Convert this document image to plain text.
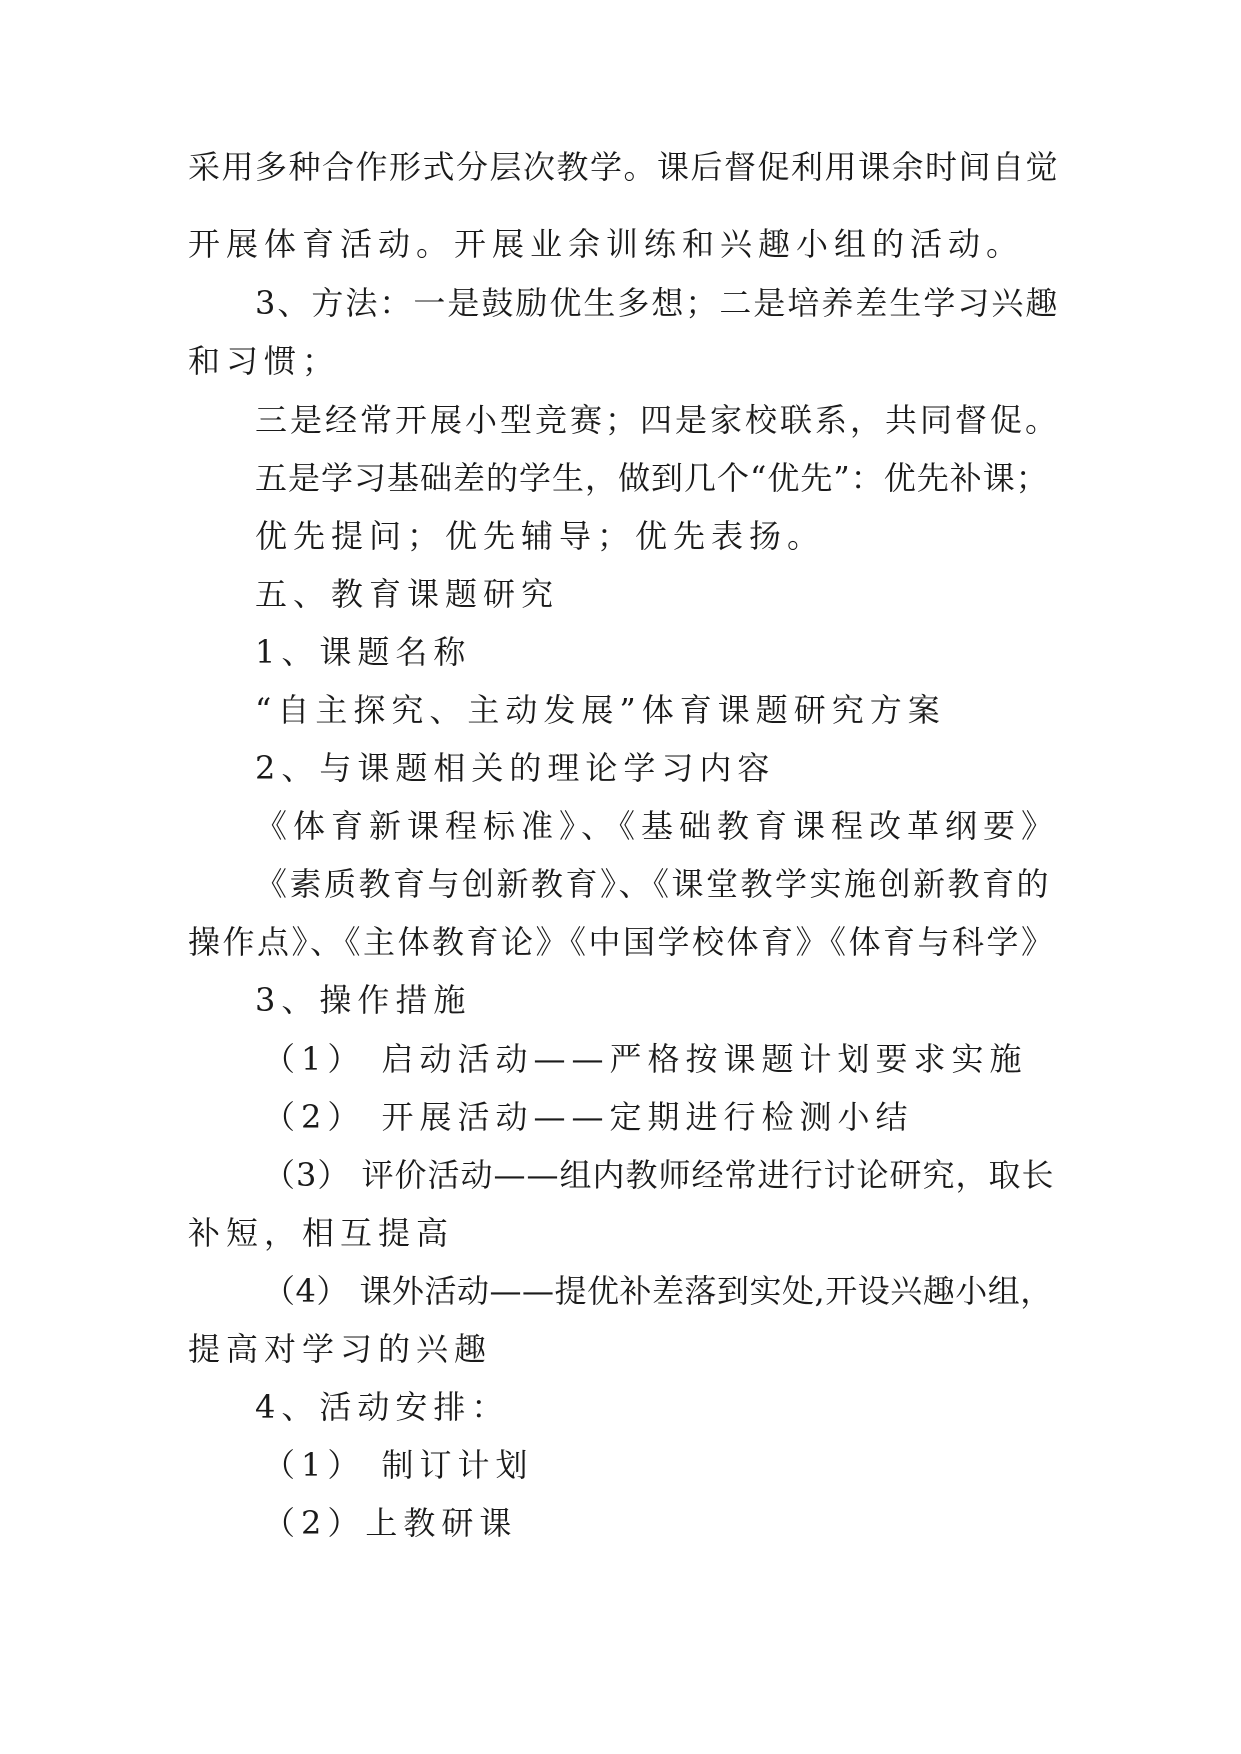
采用多种合作形式分层次教学。课后督促利用课余时间自觉
开展体育活动。开展业余训练和兴趣小组的活动。
3、方法：一是鼓励优生多想；二是培养差生学习兴趣
和习惯；
三是经常开展小型竞赛；四是家校联系，共同督促。
五是学习基础差的学生，做到几个“优先”：优先补课；
优先提问；优先辅导；优先表扬。
五、教育课题研究
1、课题名称
“自主探究、主动发展”体育课题研究方案
2、与课题相关的理论学习内容
《体育新课程标准》、《基础教育课程改革纲要》
《素质教育与创新教育》、《课堂教学实施创新教育的
操作点》、《主体教育论》《中国学校体育》《体育与科学》
3、操作措施
（1） 启动活动——严格按课题计划要求实施
（2） 开展活动——定期进行检测小结
（3） 评价活动——组内教师经常进行讨论研究，取长
补短，相互提高
（4） 课外活动——提优补差落到实处,开设兴趣小组，
提高对学习的兴趣
4、活动安排：
（1） 制订计划
（2）上教研课
